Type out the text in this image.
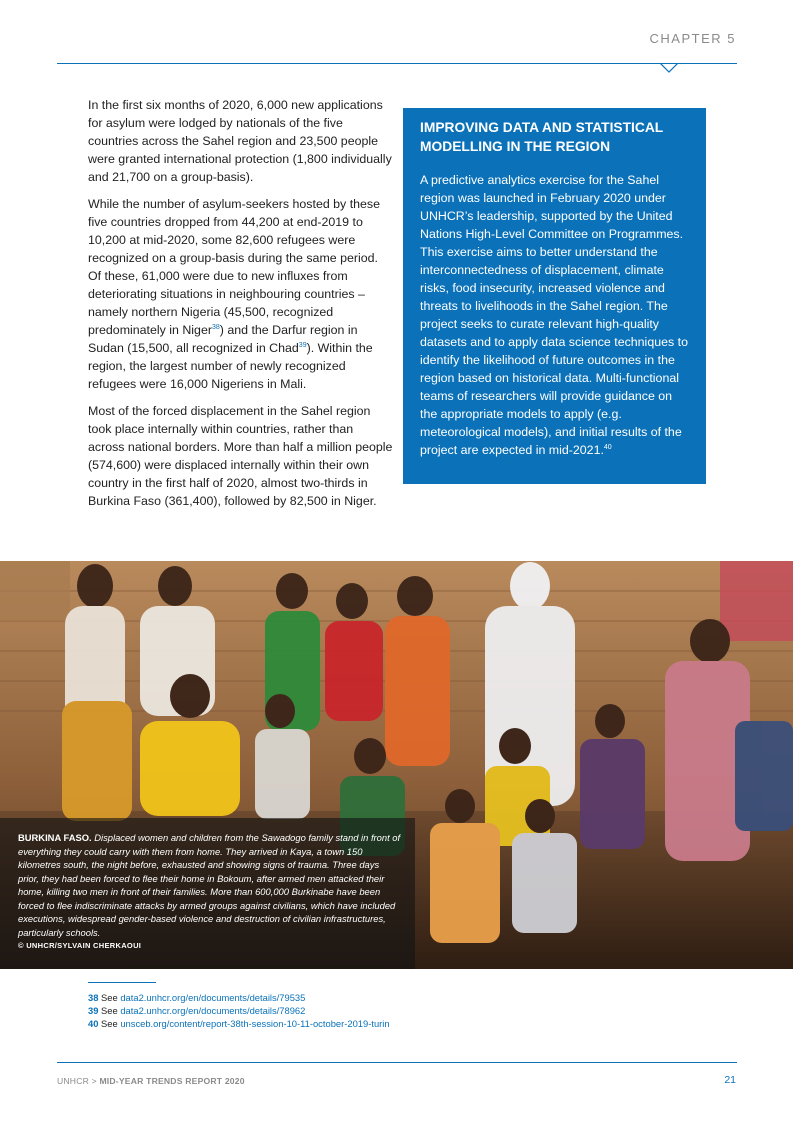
CHAPTER 5

In the first six months of 2020, 6,000 new applications for asylum were lodged by nationals of the five countries across the Sahel region and 23,500 people were granted international protection (1,800 individually and 21,700 on a group-basis).

While the number of asylum-seekers hosted by these five countries dropped from 44,200 at end-2019 to 10,200 at mid-2020, some 82,600 refugees were recognized on a group-basis during the same period. Of these, 61,000 were due to new influxes from deteriorating situations in neighbouring countries – namely northern Nigeria (45,500, recognized predominately in Niger$^{38}$) and the Darfur region in Sudan (15,500, all recognized in Chad$^{39}$). Within the region, the largest number of newly recognized refugees were 16,000 Nigeriens in Mali.

Most of the forced displacement in the Sahel region took place internally within countries, rather than across national borders. More than half a million people (574,600) were displaced internally within their own country in the first half of 2020, almost two-thirds in Burkina Faso (361,400), followed by 82,500 in Niger.

IMPROVING DATA AND STATISTICAL MODELLING IN THE REGION
A predictive analytics exercise for the Sahel region was launched in February 2020 under UNHCR’s leadership, supported by the United Nations High-Level Committee on Programmes. This exercise aims to better understand the interconnectedness of displacement, climate risks, food insecurity, increased violence and threats to livelihoods in the Sahel region. The project seeks to curate relevant high-quality datasets and to apply data science techniques to identify the likelihood of future outcomes in the region based on historical data. Multi-functional teams of researchers will provide guidance on the appropriate models to apply (e.g. meteorological models), and initial results of the project are expected in mid-2021.40
BURKINA FASO. Displaced women and children from the Sawadogo family stand in front of everything they could carry with them from home. They arrived in Kaya, a town 150 kilometres south, the night before, exhausted and showing signs of trauma. Three days prior, they had been forced to flee their home in Bokoum, after armed men attacked their home, killing two men in front of their families. More than 600,000 Burkinabe have been forced to flee indiscriminate attacks by armed groups against civilians, which have included executions, widespread gender-based violence and destruction of civilian infrastructures, particularly schools.
© UNHCR/SYLVAIN CHERKAOUI
38 See data2.unhcr.org/en/documents/details/79535
39 See data2.unhcr.org/en/documents/details/78962
40 See unsceb.org/content/report-38th-session-10-11-october-2019-turin
UNHCR > MID-YEAR TRENDS REPORT 2020	21
